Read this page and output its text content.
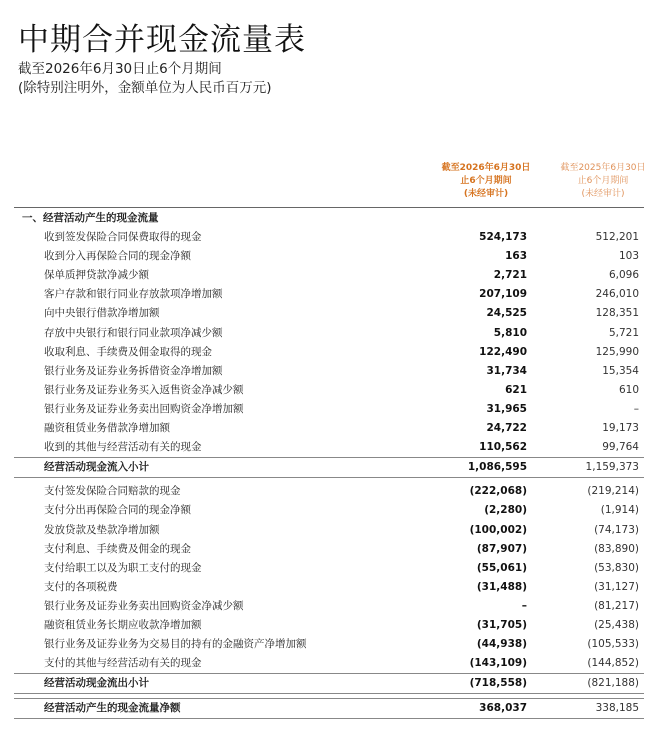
中期合并现金流量表
截至2026年6月30日止6个月期间
(除特别注明外，金额单位为人民币百万元)
截至2026年6月30日
止6个月期间
(未经审计)
截至2025年6月30日
止6个月期间
(未经审计)
一、经营活动产生的现金流量
收到签发保险合同保费取得的现金	524,173	512,201
收到分入再保险合同的现金净额	163	103
保单质押贷款净减少额	2,721	6,096
客户存款和银行同业存放款项净增加额	207,109	246,010
向中央银行借款净增加额	24,525	128,351
存放中央银行和银行同业款项净减少额	5,810	5,721
收取利息、手续费及佣金取得的现金	122,490	125,990
银行业务及证券业务拆借资金净增加额	31,734	15,354
银行业务及证券业务买入返售资金净减少额	621	610
银行业务及证券业务卖出回购资金净增加额	31,965	–
融资租赁业务借款净增加额	24,722	19,173
收到的其他与经营活动有关的现金	110,562	99,764
经营活动现金流入小计	1,086,595	1,159,373
支付签发保险合同赔款的现金	(222,068)	(219,214)
支付分出再保险合同的现金净额	(2,280)	(1,914)
发放贷款及垫款净增加额	(100,002)	(74,173)
支付利息、手续费及佣金的现金	(87,907)	(83,890)
支付给职工以及为职工支付的现金	(55,061)	(53,830)
支付的各项税费	(31,488)	(31,127)
银行业务及证券业务卖出回购资金净减少额	–	(81,217)
融资租赁业务长期应收款净增加额	(31,705)	(25,438)
银行业务及证券业务为交易目的持有的金融资产净增加额	(44,938)	(105,533)
支付的其他与经营活动有关的现金	(143,109)	(144,852)
经营活动现金流出小计	(718,558)	(821,188)
经营活动产生的现金流量净额	368,037	338,185
